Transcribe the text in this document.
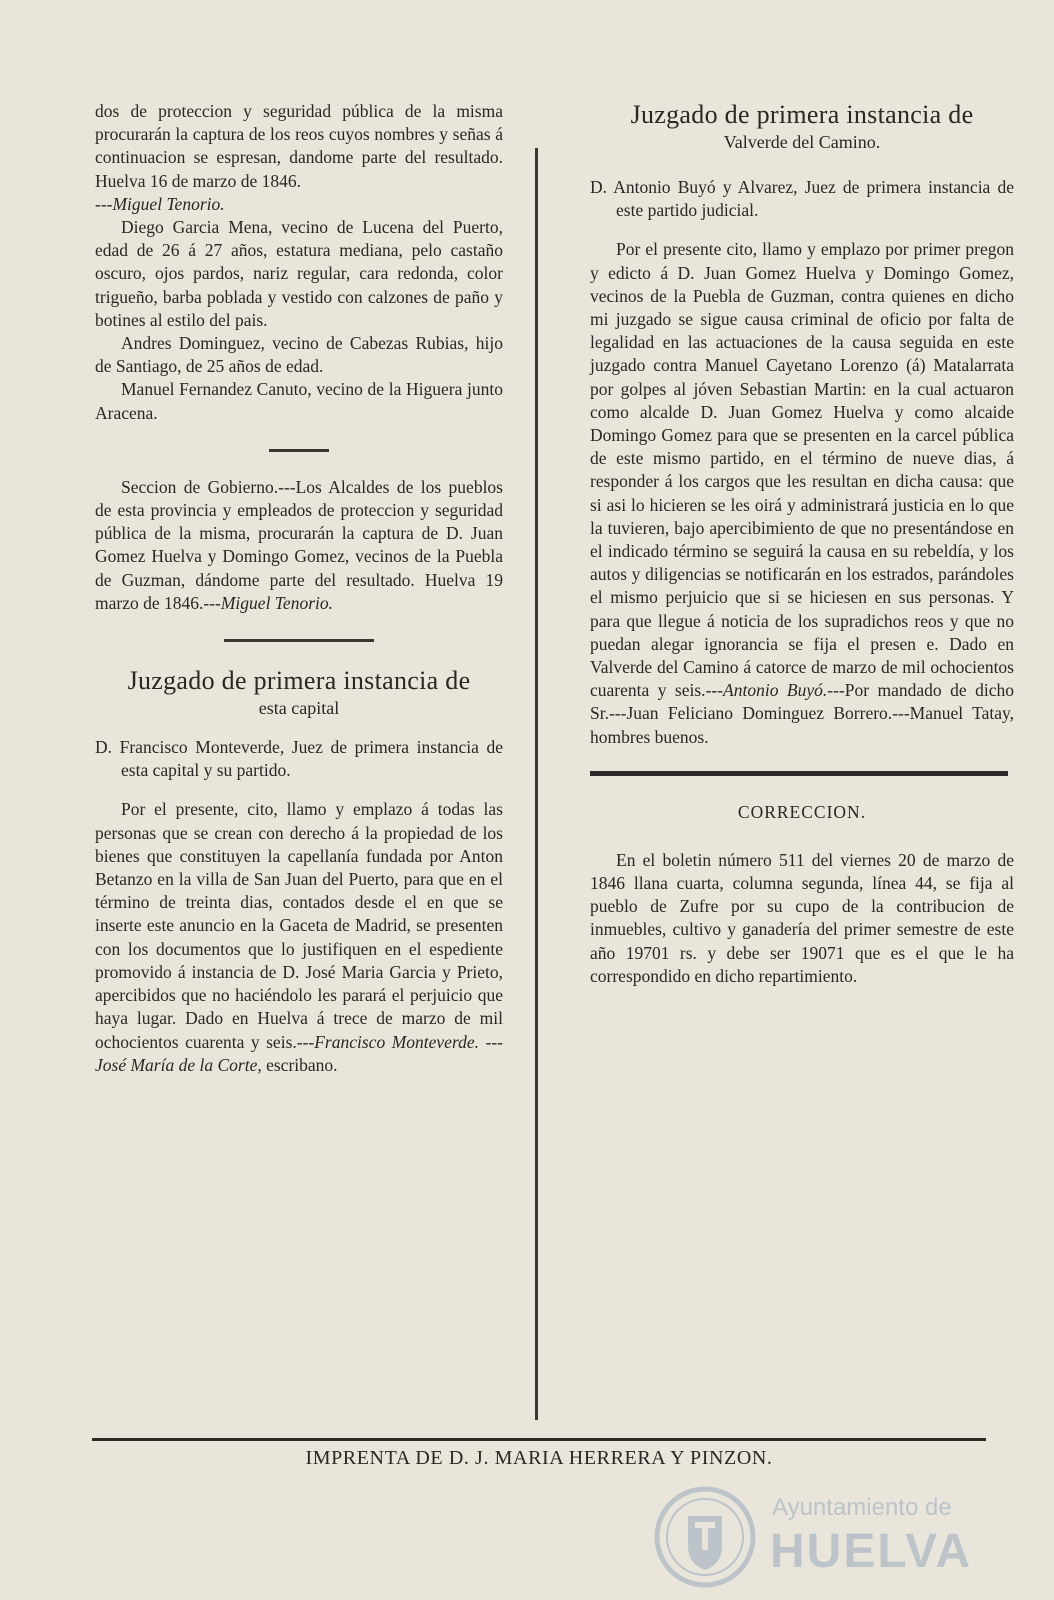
dos de proteccion y seguridad pública de la misma procurarán la captura de los reos cuyos nombres y señas á continuacion se espresan, dandome parte del resultado. Huelva 16 de marzo de 1846.
---Miguel Tenorio.

Diego Garcia Mena, vecino de Lucena del Puerto, edad de 26 á 27 años, estatura mediana, pelo castaño oscuro, ojos pardos, nariz regular, cara redonda, color trigueño, barba poblada y vestido con calzones de paño y botines al estilo del pais.

Andres Dominguez, vecino de Cabezas Rubias, hijo de Santiago, de 25 años de edad.

Manuel Fernandez Canuto, vecino de la Higuera junto Aracena.

Seccion de Gobierno.---Los Alcaldes de los pueblos de esta provincia y empleados de proteccion y seguridad pública de la misma, procurarán la captura de D. Juan Gomez Huelva y Domingo Gomez, vecinos de la Puebla de Guzman, dándome parte del resultado. Huelva 19 marzo de 1846.---Miguel Tenorio.

Juzgado de primera instancia de
esta capital

D. Francisco Monteverde, Juez de primera instancia de esta capital y su partido.

Por el presente, cito, llamo y emplazo á todas las personas que se crean con derecho á la propiedad de los bienes que constituyen la capellanía fundada por Anton Betanzo en la villa de San Juan del Puerto, para que en el término de treinta dias, contados desde el en que se inserte este anuncio en la Gaceta de Madrid, se presenten con los documentos que lo justifiquen en el espediente promovido á instancia de D. José Maria Garcia y Prieto, apercibidos que no haciéndolo les parará el perjuicio que haya lugar. Dado en Huelva á trece de marzo de mil ochocientos cuarenta y seis.---Francisco Monteverde. ---José María de la Corte, escribano.

Juzgado de primera instancia de
Valverde del Camino.

D. Antonio Buyó y Alvarez, Juez de primera instancia de este partido judicial.

Por el presente cito, llamo y emplazo por primer pregon y edicto á D. Juan Gomez Huelva y Domingo Gomez, vecinos de la Puebla de Guzman, contra quienes en dicho mi juzgado se sigue causa criminal de oficio por falta de legalidad en las actuaciones de la causa seguida en este juzgado contra Manuel Cayetano Lorenzo (á) Matalarrata por golpes al jóven Sebastian Martin: en la cual actuaron como alcalde D. Juan Gomez Huelva y como alcaide Domingo Gomez para que se presenten en la carcel pública de este mismo partido, en el término de nueve dias, á responder á los cargos que les resultan en dicha causa: que si asi lo hicieren se les oirá y administrará justicia en lo que la tuvieren, bajo apercibimiento de que no presentándose en el indicado término se seguirá la causa en su rebeldía, y los autos y diligencias se notificarán en los estrados, parándoles el mismo perjuicio que si se hiciesen en sus personas. Y para que llegue á noticia de los supradichos reos y que no puedan alegar ignorancia se fija el presen e. Dado en Valverde del Camino á catorce de marzo de mil ochocientos cuarenta y seis.---Antonio Buyó.---Por mandado de dicho Sr.---Juan Feliciano Dominguez Borrero.---Manuel Tatay, hombres buenos.

CORRECCION.

En el boletin número 511 del viernes 20 de marzo de 1846 llana cuarta, columna segunda, línea 44, se fija al pueblo de Zufre por su cupo de la contribucion de inmuebles, cultivo y ganadería del primer semestre de este año 19701 rs. y debe ser 19071 que es el que le ha correspondido en dicho repartimiento.

IMPRENTA DE D. J. MARIA HERRERA Y PINZON.
Ayuntamiento de
HUELVA
